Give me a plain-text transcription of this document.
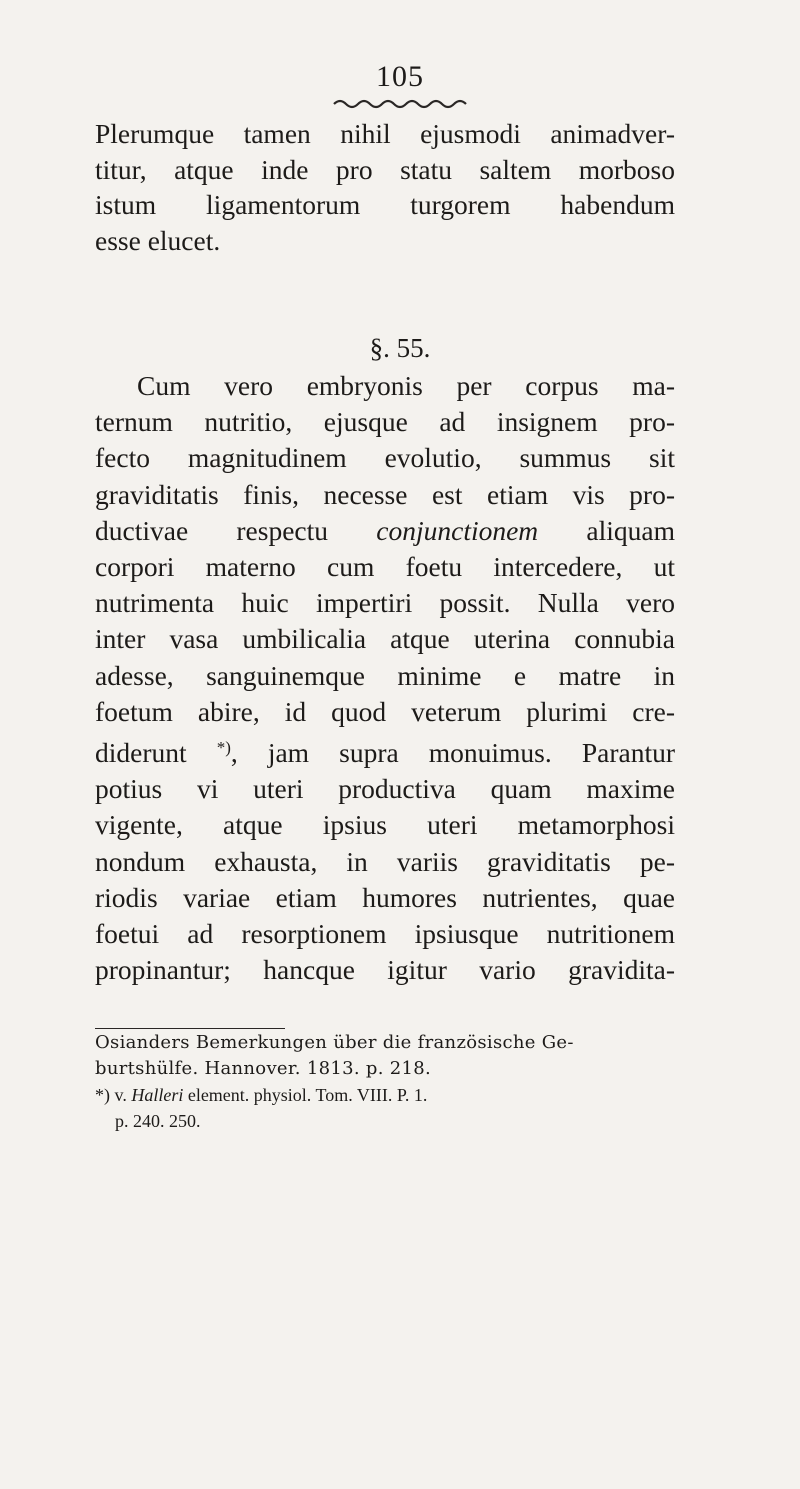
105
Plerumque tamen nihil ejusmodi animadver-
titur, atque inde pro statu saltem morboso
istum ligamentorum turgorem habendum
esse elucet.
§. 55.
Cum vero embryonis per corpus ma-
ternum nutritio, ejusque ad insignem pro-
fecto magnitudinem evolutio, summus sit
graviditatis finis, necesse est etiam vis pro-
ductivae respectu conjunctionem aliquam
corpori materno cum foetu intercedere, ut
nutrimenta huic impertiri possit. Nulla vero
inter vasa umbilicalia atque uterina connubia
adesse, sanguinemque minime e matre in
foetum abire, id quod veterum plurimi cre-
diderunt *), jam supra monuimus. Parantur
potius vi uteri productiva quam maxime
vigente, atque ipsius uteri metamorphosi
nondum exhausta, in variis graviditatis pe-
riodis variae etiam humores nutrientes, quae
foetui ad resorptionem ipsiusque nutritionem
propinantur; hancque igitur vario gravidita-
Osianders Bemerkungen über die französische Ge-
burtshülfe. Hannover. 1813. p. 218.
*) v. Halleri element. physiol. Tom. VIII. P. 1.
p. 240. 250.
